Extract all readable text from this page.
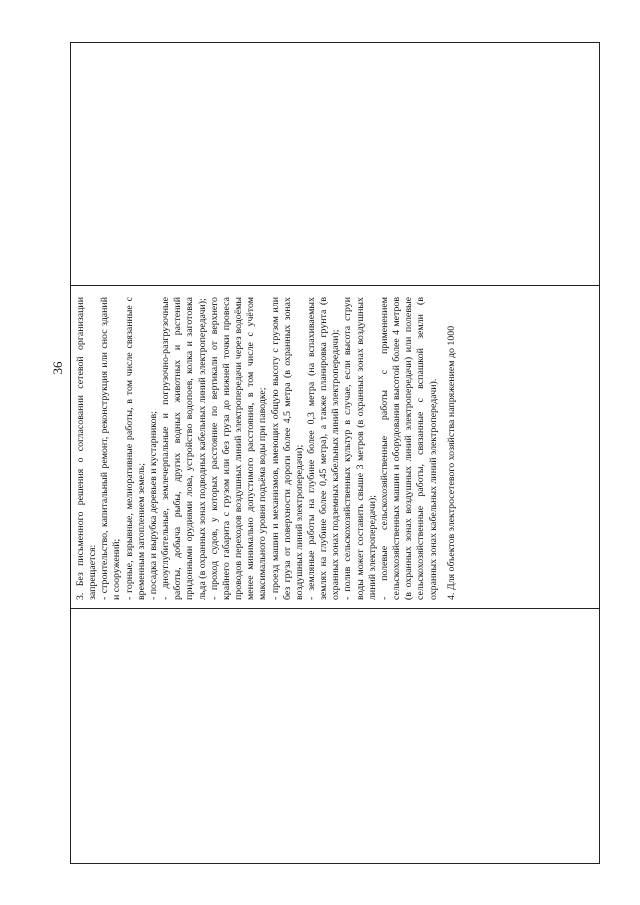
36	3. Без письменного решения о согласовании сетевой организации запрещается: - строительство, капитальный ремонт, реконструкция или снос зданий и сооружений; - горные, взрывные, мелиоративные работы, в том числе связанные с временным затоплением земель; - посадка и вырубка деревьев и кустарников; - дноуглубительные, землечерпальные и погрузочно-разгрузочные работы, добыча рыбы, других водных животных и растений придонными орудиями лова, устройство водопоев, колка и заготовка льда (в охранных зонах подводных кабельных линий электропередачи); - проход судов, у которых расстояние по вертикали от верхнего крайнего габарита с грузом или без груза до нижней точки провеса проводов переходов воздушных линий электропередачи через водоёмы менее минимально допустимого расстояния, в том числе с учётом максимального уровня подъёма воды при паводке; - проезд машин и механизмов, имеющих общую высоту с грузом или без груза от поверхности дороги более 4,5 метра (в охранных зонах воздушных линий электропередачи); - земляные работы на глубине более 0,3 метра (на вспахиваемых землях на глубине более 0,45 метра), а также планировка грунта (в охранных зонах подземных кабельных линий электропередачи); - полив сельскохозяйственных культур в случае, если высота струи воды может составить свыше 3 метров (в охранных зонах воздушных линий электропередачи); - полевые сельскохозяйственные работы с применением сельскохозяйственных машин и оборудования высотой более 4 метров (в охранных зонах воздушных линий электропередачи) или полевые сельскохозяйственные работы, связанные с вспашкой земли (в охранных зонах кабельных линий электропередачи). 4. Для объектов электросетевого хозяйства напряжением до 1000
